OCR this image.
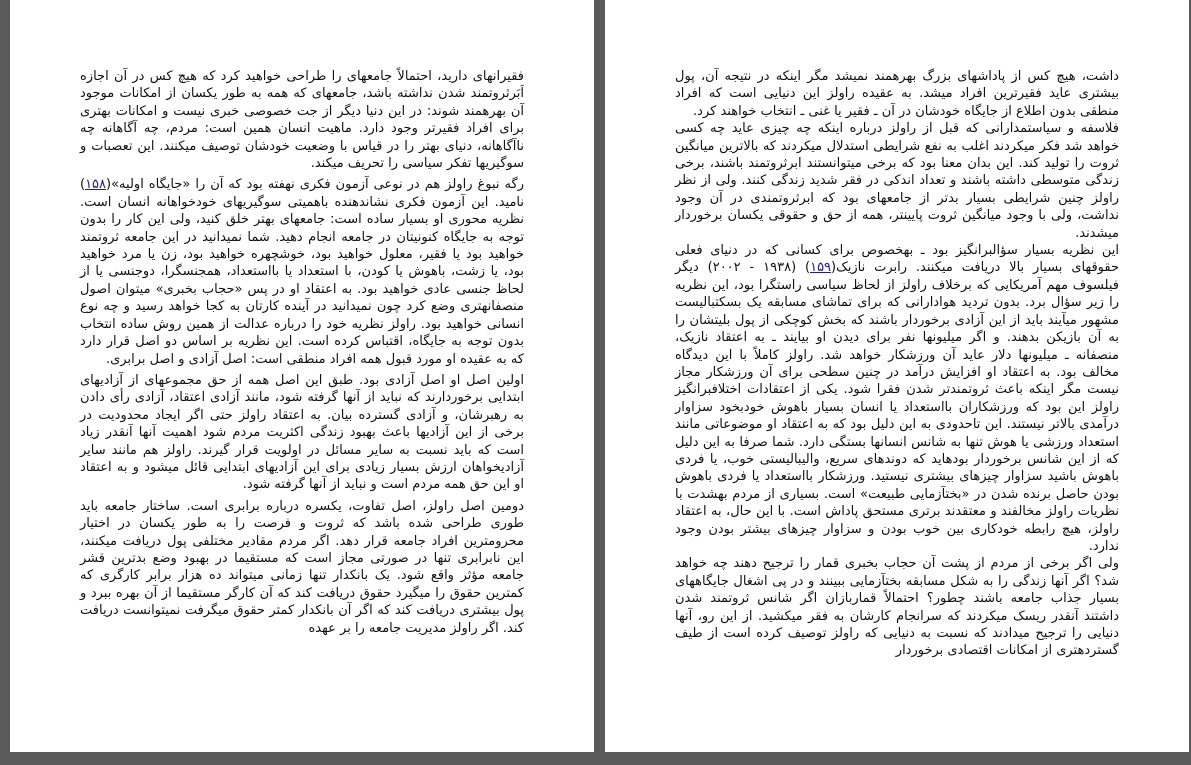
فقیرانهای دارید، احتمالاً جامعهای را طراحی خواهید کرد که هیچ کس در آن اجازه اَبَرثروتمند شدن نداشته باشد، جامعهای که همه به طور یکسان از امکانات موجود آن بهرهمند شوند: در این دنیا دیگر از جت خصوصی خبری نیست و امکانات بهتری برای افراد فقیرتر وجود دارد. ماهیت انسان همین است: مردم، چه آگاهانه چه ناآگاهانه، دنیای بهتر را در قیاس با وضعیت خودشان توصیف میکنند. این تعصبات و سوگیریها تفکر سیاسی را تحریف میکند.

رگه نبوغ راولز هم در نوعی آزمون فکری نهفته بود که آن را «جایگاه اولیه»(۱۵۸) نامید. این آزمون فکری نشاندهنده باهمیتی سوگیریهای خودخواهانه انسان است. نظریه محوری او بسیار ساده است: جامعهای بهتر خلق کنید، ولی این کار را بدون توجه به جایگاه کنونیتان در جامعه انجام دهید. شما نمیدانید در این جامعه ثروتمند خواهید بود یا فقیر، معلول خواهید بود، خوشچهره خواهید بود، زن یا مرد خواهید بود، یا زشت، باهوش یا کودن، با استعداد یا بااستعداد، همجنسگرا، دوجنسی یا از لحاظ جنسی عادی خواهید بود. به اعتقاد او در پس «حجاب بخبری» میتوان اصول منصفانهتری وضع کرد چون نمیدانید در آینده کارتان به کجا خواهد رسید و چه نوع انسانی خواهید بود. راولز نظریه خود را درباره عدالت از همین روش ساده انتخاب بدون توجه به جایگاه، اقتباس کرده است. این نظریه بر اساس دو اصل قرار دارد که به عقیده او مورد قبول همه افراد منطقی است: اصل آزادی و اصل برابری.

اولین اصل او اصل آزادی بود. طبق این اصل همه از حق مجموعهای از آزادیهای ابتدایی برخوردارند که نباید از آنها گرفته شود، مانند آزادی اعتقاد، آزادی رأی دادن به رهبرشان، و آزادی گسترده بیان. به اعتقاد راولز حتی اگر ایجاد محدودیت در برخی از این آزادیها باعث بهبود زندگی اکثریت مردم شود اهمیت آنها آنقدر زیاد است که باید نسبت به سایر مسائل در اولویت قرار گیرند. راولز هم مانند سایر آزادیخواهان ارزش بسیار زیادی برای این آزادیهای ابتدایی قائل میشود و به اعتقاد او این حق همه مردم است و نباید از آنها گرفته شود.

دومین اصل راولز، اصل تفاوت، یکسره درباره برابری است. ساختار جامعه باید طوری طراحی شده باشد که ثروت و فرصت را به طور یکسان در اختیار محرومترین افراد جامعه قرار دهد. اگر مردم مقادیر مختلفی پول دریافت میکنند، این نابرابری تنها در صورتی مجاز است که مستقیما در بهبود وضع بدترین قشر جامعه مؤثر واقع شود. یک بانکدار تنها زمانی میتواند ده هزار برابر کارگری که کمترین حقوق را میگیرد حقوق دریافت کند که آن کارگر مستقیما از آن بهره ببرد و پول بیشتری دریافت کند که اگر آن بانکدار کمتر حقوق میگرفت نمیتوانست دریافت کند. اگر راولز مدیریت جامعه را بر عهده

داشت، هیچ کس از پاداشهای بزرگ بهرهمند نمیشد مگر اینکه در نتیجه آن، پول بیشتری عاید فقیرترین افراد میشد. به عقیده راولز این دنیایی است که افراد منطقی بدون اطلاع از جایگاه خودشان در آن ـ فقیر یا غنی ـ انتخاب خواهند کرد.

فلاسفه و سیاستمدارانی که قبل از راولز درباره اینکه چه چیزی عاید چه کسی خواهد شد فکر میکردند اغلب به نفع شرایطی استدلال میکردند که بالاترین میانگین ثروت را تولید کند. این بدان معنا بود که برخی میتوانستند ابرثروتمند باشند، برخی زندگی متوسطی داشته باشند و تعداد اندکی در فقر شدید زندگی کنند. ولی از نظر راولز چنین شرایطی بسیار بدتر از جامعهای بود که ابرثروتمندی در آن وجود نداشت، ولی با وجود میانگین ثروت پایینتر، همه از حق و حقوقی یکسان برخوردار میشدند.

این نظریه بسیار سؤالبرانگیز بود ـ بهخصوص برای کسانی که در دنیای فعلی حقوقهای بسیار بالا دریافت میکنند. رابرت نازیک(۱۵۹) (۱۹۳۸ - ۲۰۰۲) دیگر فیلسوف مهم آمریکایی که برخلاف راولز از لحاظ سیاسی راستگرا بود، این نظریه را زیر سؤال برد. بدون تردید هوادارانی که برای تماشای مسابقه یک بسکتبالیست مشهور میآیند باید از این آزادی برخوردار باشند که بخش کوچکی از پول بلیتشان را به آن بازیکن بدهند. و اگر میلیونها نفر برای دیدن او بیایند ـ به اعتقاد نازیک، منصفانه ـ میلیونها دلار عاید آن ورزشکار خواهد شد. راولز کاملاً با این دیدگاه مخالف بود. به اعتقاد او افزایش درآمد در چنین سطحی برای آن ورزشکار مجاز نیست مگر اینکه باعث ثروتمندتر شدن فقرا شود. یکی از اعتقادات اختلافبرانگیز راولز این بود که ورزشکاران بااستعداد یا انسان بسیار باهوش خودبخود سزاوار درآمدی بالاتر نیستند. این تاحدودی به این دلیل بود که به اعتقاد او موضوعاتی مانند استعداد ورزشی یا هوش تنها به شانس انسانها بستگی دارد. شما صرفا به این دلیل که از این شانس برخوردار بودهاید که دوندهای سریع، والیبالیستی خوب، یا فردی باهوش باشید سزاوار چیزهای بیشتری نیستید. ورزشکار بااستعداد یا فردی باهوش بودن حاصل برنده شدن در «بختآزمایی طبیعت» است. بسیاری از مردم بهشدت با نظریات راولز مخالفند و معتقدند برتری مستحق پاداش است. با این حال، به اعتقاد راولز، هیچ رابطه خودکاری بین خوب بودن و سزاوار چیزهای بیشتر بودن وجود ندارد.

ولی اگر برخی از مردم از پشت آن حجاب بخبری قمار را ترجیح دهند چه خواهد شد؟ اگر آنها زندگی را به شکل مسابقه بختآزمایی ببینند و در پی اشغال جایگاههای بسیار جذاب جامعه باشند چطور؟ احتمالاً قماربازان اگر شانس ثروتمند شدن داشتند آنقدر ریسک میکردند که سرانجام کارشان به فقر میکشید. از این رو، آنها دنیایی را ترجیح میدادند که نسبت به دنیایی که راولز توصیف کرده است از طیف گستردهتری از امکانات اقتصادی برخوردار
